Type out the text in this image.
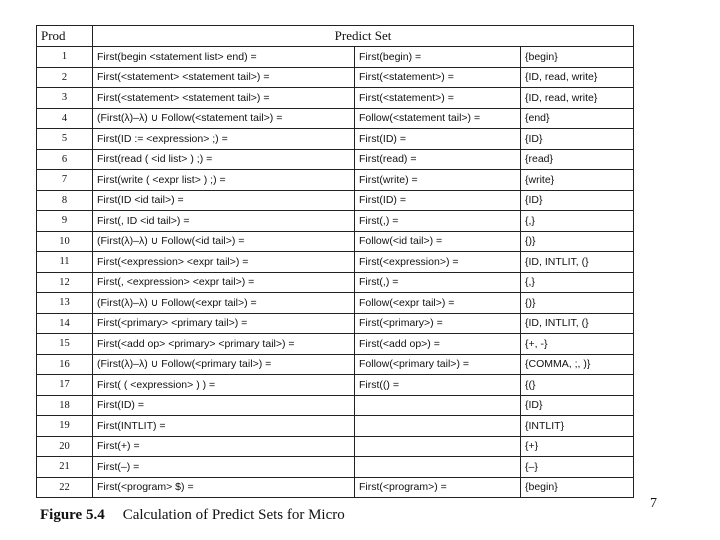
Prod	Predict Set		
1	First(begin <statement list> end) =	First(begin) =	{begin}
2	First(<statement> <statement tail>) =	First(<statement>) =	{ID, read, write}
3	First(<statement> <statement tail>) =	First(<statement>) =	{ID, read, write}
4	(First(λ)–λ) ∪ Follow(<statement tail>) =	Follow(<statement tail>) =	{end}
5	First(ID := <expression> ;) =	First(ID) =	{ID}
6	First(read ( <id list> ) ;) =	First(read) =	{read}
7	First(write ( <expr list> ) ;) =	First(write) =	{write}
8	First(ID <id tail>) =	First(ID) =	{ID}
9	First(, ID <id tail>) =	First(,) =	{,}
10	(First(λ)–λ) ∪ Follow(<id tail>) =	Follow(<id tail>) =	{)}
11	First(<expression> <expr tail>) =	First(<expression>) =	{ID, INTLIT, (}
12	First(, <expression> <expr tail>) =	First(,) =	{,}
13	(First(λ)–λ) ∪ Follow(<expr tail>) =	Follow(<expr tail>) =	{)}
14	First(<primary> <primary tail>) =	First(<primary>) =	{ID, INTLIT, (}
15	First(<add op> <primary> <primary tail>) =	First(<add op>) =	{+, -}
16	(First(λ)–λ) ∪ Follow(<primary tail>) =	Follow(<primary tail>) =	{COMMA, ;, )}
17	First( ( <expression> ) ) =	First(() =	{(}
18	First(ID) =		{ID}
19	First(INTLIT) =		{INTLIT}
20	First(+) =		{+}
21	First(–) =		{–}
22	First(<program> $) =	First(<program>) =	{begin}
Figure 5.4 Calculation of Predict Sets for Micro
7
